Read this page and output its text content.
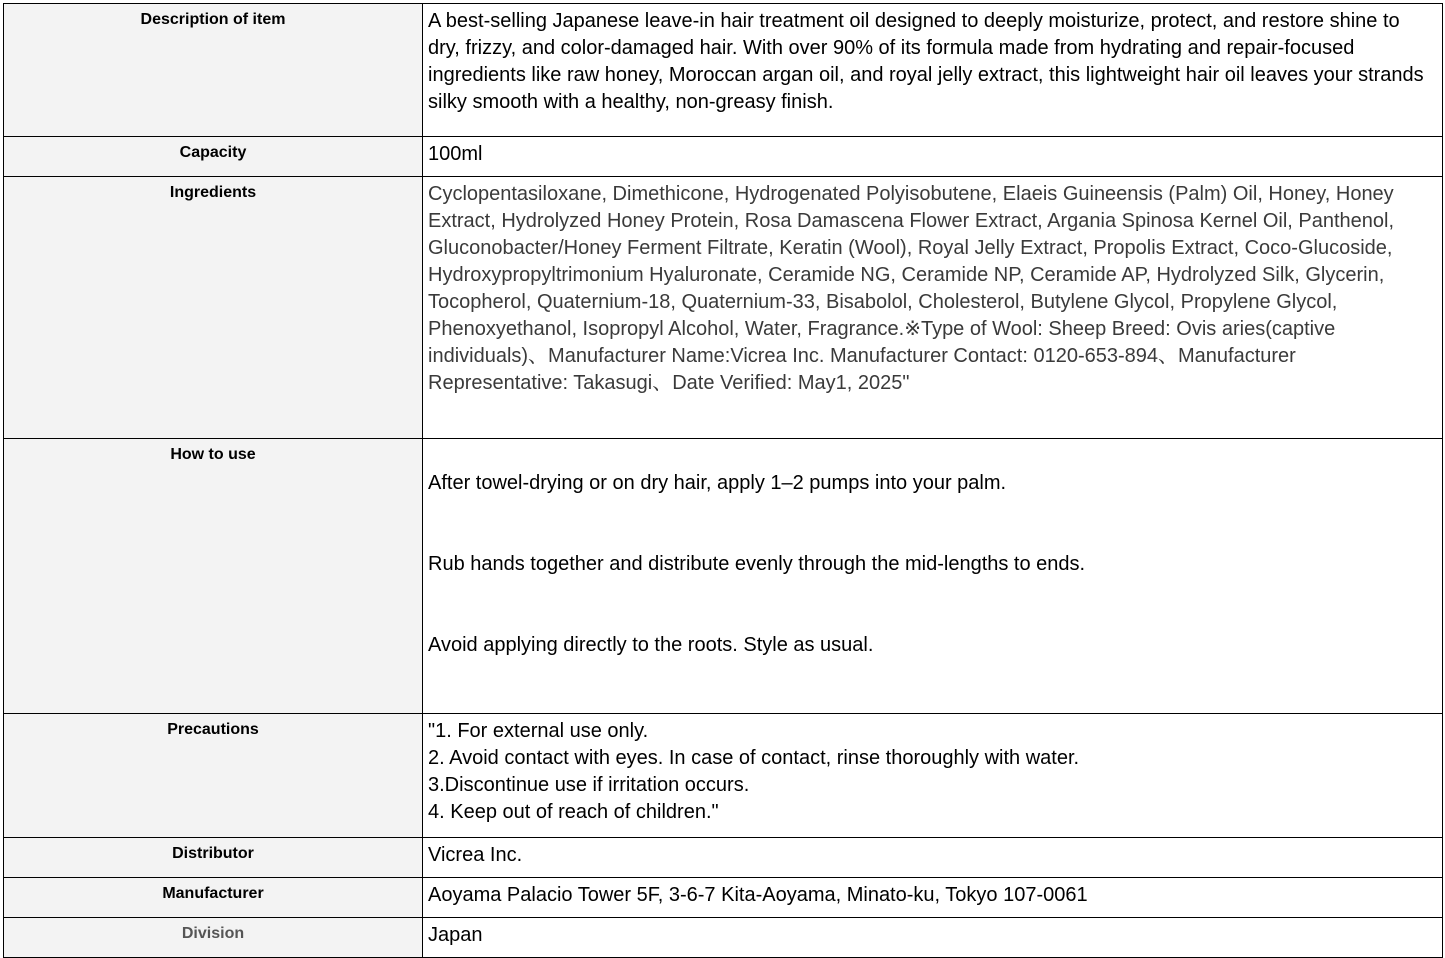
Description of item	A best-selling Japanese leave-in hair treatment oil designed to deeply moisturize, protect, and restore shine to dry, frizzy, and color-damaged hair. With over 90% of its formula made from hydrating and repair-focused ingredients like raw honey, Moroccan argan oil, and royal jelly extract, this lightweight hair oil leaves your strands silky smooth with a healthy, non-greasy finish.
Capacity	100ml
Ingredients	Cyclopentasiloxane, Dimethicone, Hydrogenated Polyisobutene, Elaeis Guineensis (Palm) Oil, Honey, Honey Extract, Hydrolyzed Honey Protein, Rosa Damascena Flower Extract, Argania Spinosa Kernel Oil, Panthenol, Gluconobacter/Honey Ferment Filtrate, Keratin (Wool), Royal Jelly Extract, Propolis Extract, Coco-Glucoside, Hydroxypropyltrimonium Hyaluronate, Ceramide NG, Ceramide NP, Ceramide AP, Hydrolyzed Silk, Glycerin, Tocopherol, Quaternium-18, Quaternium-33, Bisabolol, Cholesterol, Butylene Glycol, Propylene Glycol, Phenoxyethanol, Isopropyl Alcohol, Water, Fragrance.※Type of Wool: Sheep Breed: Ovis aries(captive individuals)、Manufacturer Name:Vicrea Inc. Manufacturer Contact: 0120-653-894、Manufacturer Representative: Takasugi、Date Verified: May1, 2025"
How to use	After towel-drying or on dry hair, apply 1–2 pumps into your palm.

Rub hands together and distribute evenly through the mid-lengths to ends.

Avoid applying directly to the roots. Style as usual.

Precautions	"1. For external use only.
2. Avoid contact with eyes. In case of contact, rinse thoroughly with water.
3.Discontinue use if irritation occurs.
4. Keep out of reach of children."

Distributor	Vicrea Inc.
Manufacturer	Aoyama Palacio Tower 5F, 3-6-7 Kita-Aoyama, Minato-ku, Tokyo 107-0061
Division	Japan
